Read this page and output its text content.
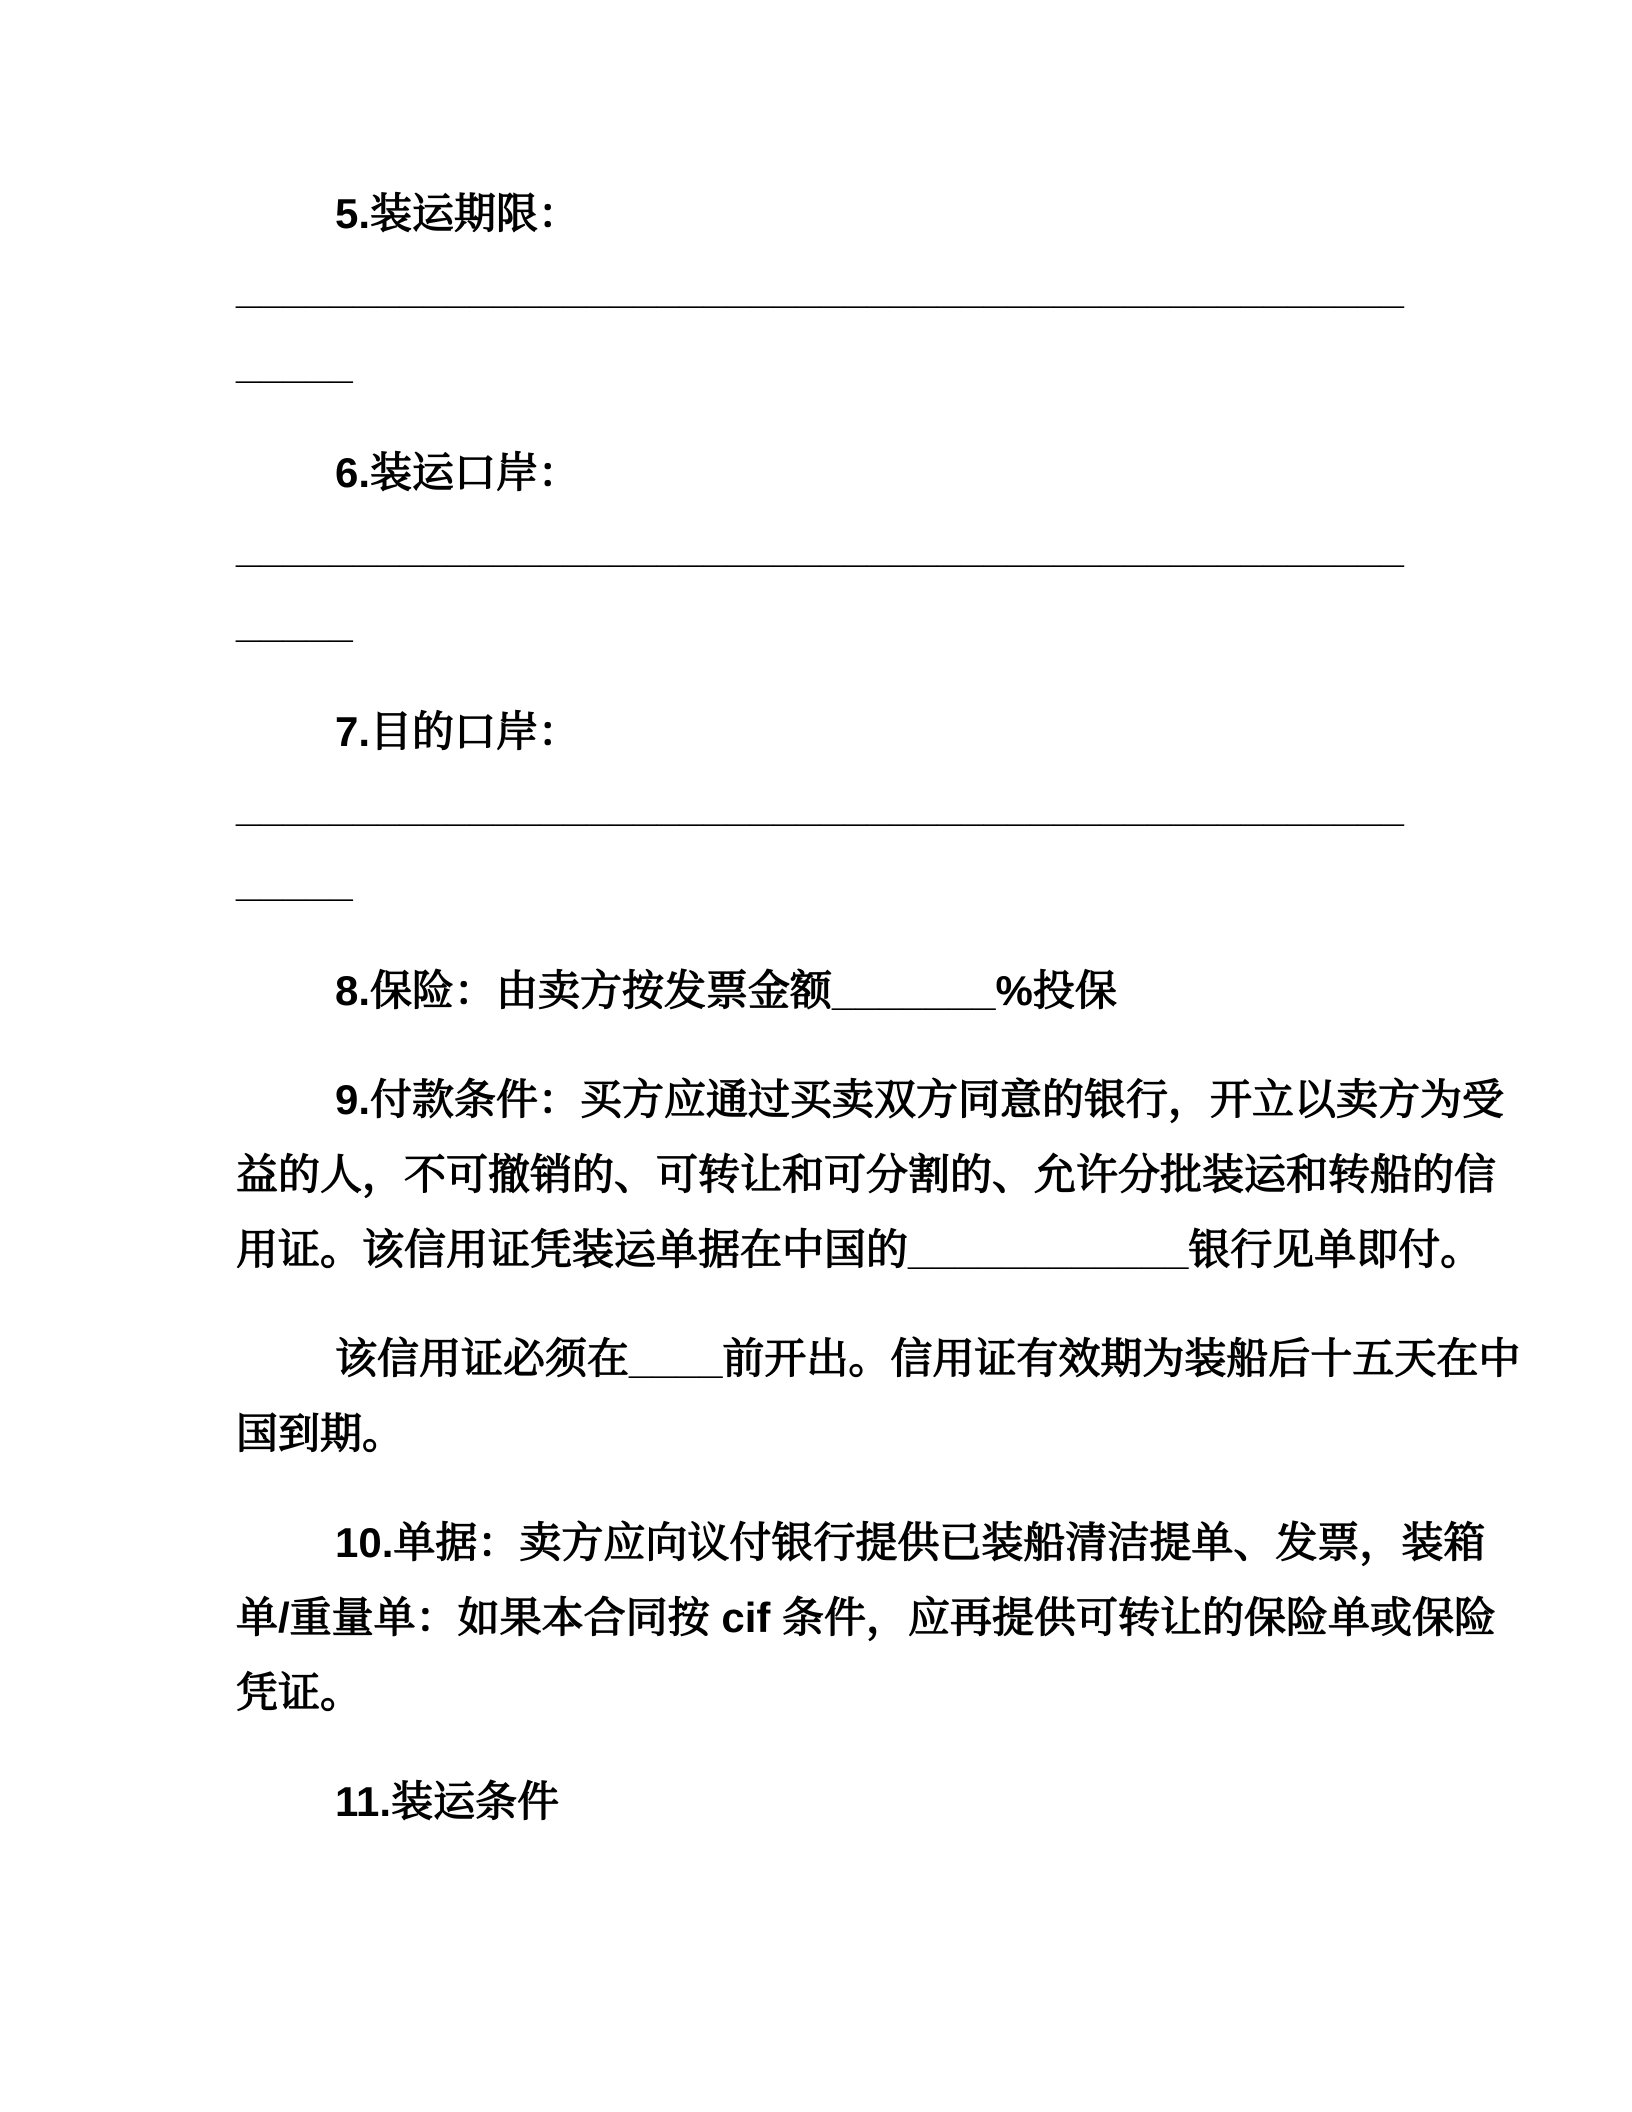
5.装运期限：
__________________________________________________
_____
6.装运口岸：
__________________________________________________
_____
7.目的口岸：
__________________________________________________
_____
8.保险：由卖方按发票金额_______%投保
9.付款条件：买方应通过买卖双方同意的银行，开立以卖方为受
益的人，不可撤销的、可转让和可分割的、允许分批装运和转船的信
用证。该信用证凭装运单据在中国的____________银行见单即付。
该信用证必须在____前开出。信用证有效期为装船后十五天在中
国到期。
10.单据：卖方应向议付银行提供已装船清洁提单、发票，装箱
单/重量单：如果本合同按 cif 条件，应再提供可转让的保险单或保险
凭证。
11.装运条件
